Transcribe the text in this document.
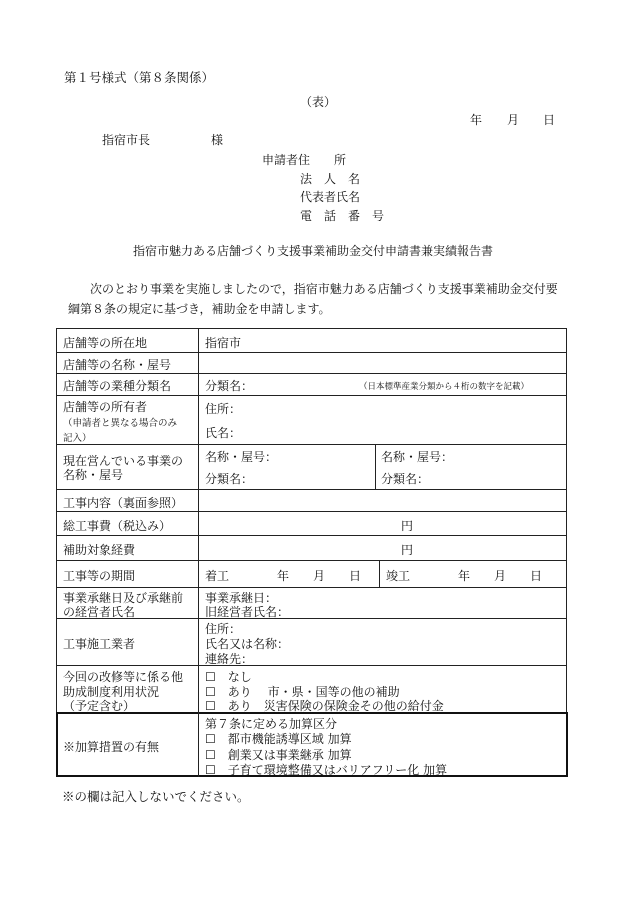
第１号様式（第８条関係）
（表）
年 月 日
指宿市長	様
申請者住　　所
法　人　名
代表者氏名
電　話　番　号
指宿市魅力ある店舗づくり支援事業補助金交付申請書兼実績報告書
次のとおり事業を実施しましたので，指宿市魅力ある店舗づくり支援事業補助金交付要
綱第８条の規定に基づき，補助金を申請します。
店舗等の所在地
店舗等の名称・屋号
店舗等の業種分類名
店舗等の所有者
（申請者と異なる場合のみ
記入）
現在営んでいる事業の
名称・屋号
工事内容（裏面参照）
総工事費（税込み）
補助対象経費
工事等の期間
事業承継日及び承継前
の経営者氏名
工事施工業者
今回の改修等に係る他
助成制度利用状況
（予定含む）
※加算措置の有無
指宿市
分類名：	（日本標準産業分類から４桁の数字を記載）
住所：
氏名：
名称・屋号：
分類名：
名称・屋号：
分類名：
円
円
着工　　　　年　　月　　日 竣工　　　　年　　月　　日
事業承継日：
旧経営者氏名：
住所：
氏名又は名称：
連絡先：
☐　なし
☐　あり　 市・県・国等の他の補助
☐　あり　災害保険の保険金その他の給付金
第７条に定める加算区分
☐　都市機能誘導区域 加算
☐　創業又は事業継承 加算
☐　子育て環境整備又はバリアフリー化 加算
※の欄は記入しないでください。
